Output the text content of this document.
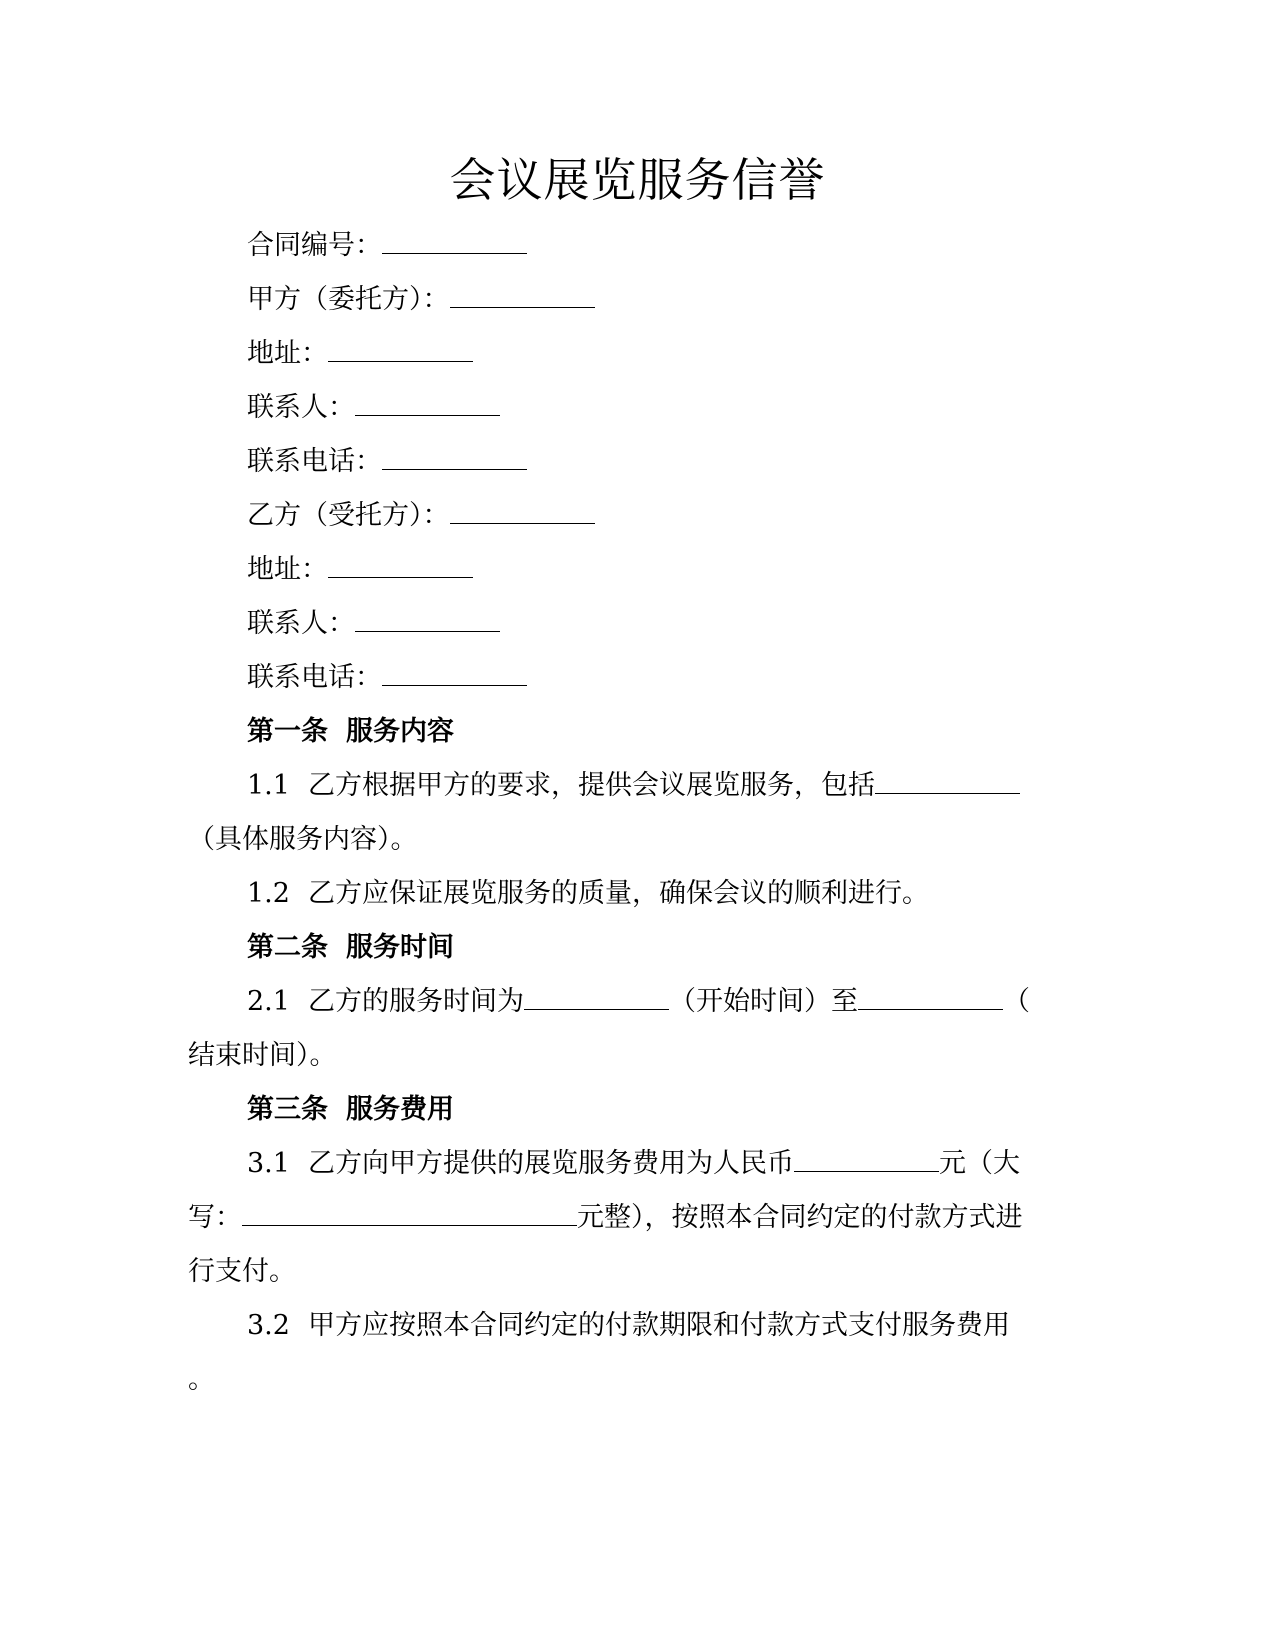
会议展览服务信誉
合同编号：
甲方（委托方）：
地址：
联系人：
联系电话：
乙方（受托方）：
地址：
联系人：
联系电话：
第一条 服务内容
1.1 乙方根据甲方的要求，提供会议展览服务，包括
（具体服务内容）。
1.2 乙方应保证展览服务的质量，确保会议的顺利进行。
第二条 服务时间
2.1 乙方的服务时间为	（开始时间）至	（
结束时间）。
第三条 服务费用
3.1 乙方向甲方提供的展览服务费用为人民币	元（大
写：	元整），按照本合同约定的付款方式进
行支付。
3.2 甲方应按照本合同约定的付款期限和付款方式支付服务费用
。
